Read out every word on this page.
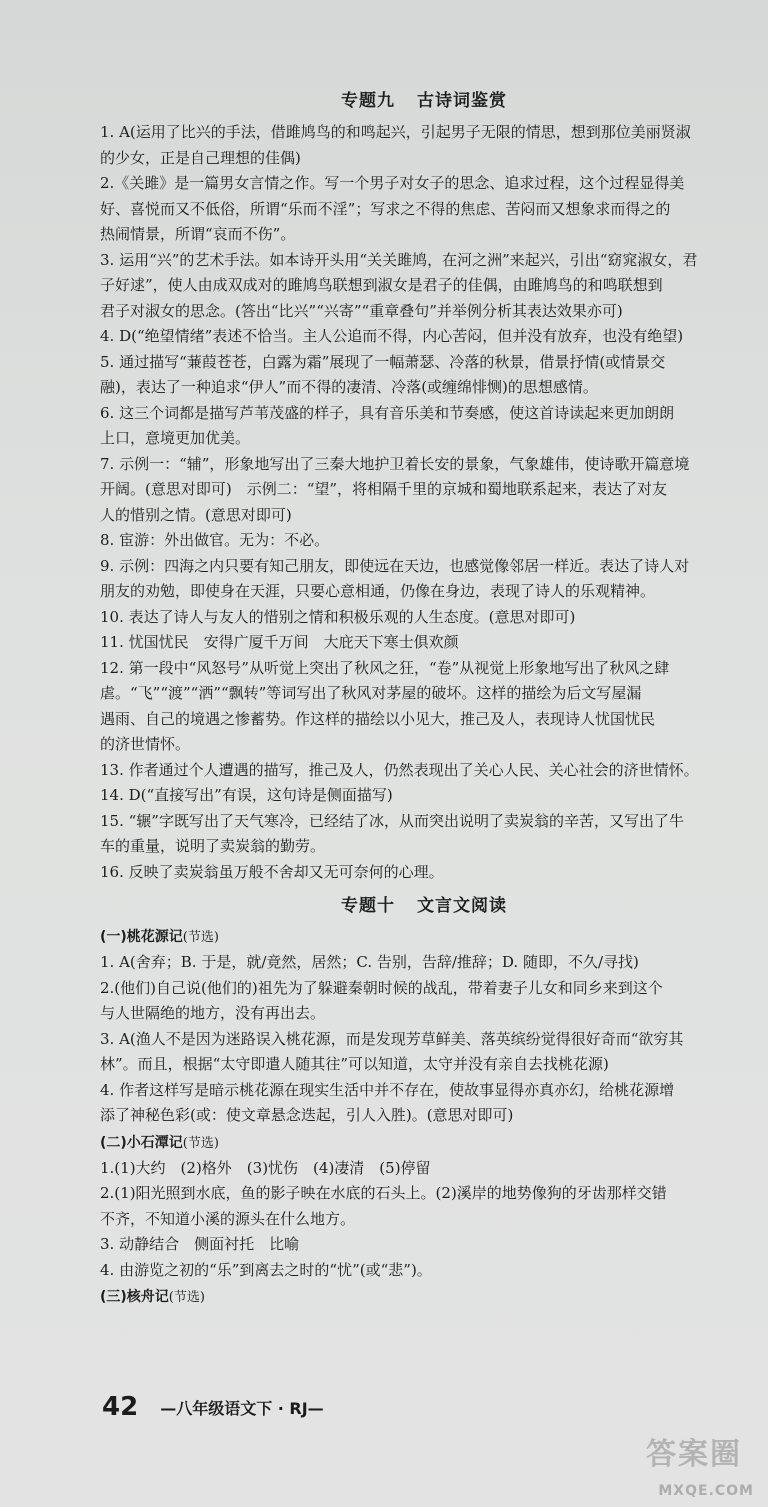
专题九 古诗词鉴赏

1. A(运用了比兴的手法，借雎鸠鸟的和鸣起兴，引起男子无限的情思，想到那位美丽贤淑

的少女，正是自己理想的佳偶)

2.《关雎》是一篇男女言情之作。写一个男子对女子的思念、追求过程，这个过程显得美

好、喜悦而又不低俗，所谓“乐而不淫”；写求之不得的焦虑、苦闷而又想象求而得之的

热闹情景，所谓“哀而不伤”。

3. 运用“兴”的艺术手法。如本诗开头用“关关雎鸠，在河之洲”来起兴，引出“窈窕淑女，君

子好逑”，使人由成双成对的雎鸠鸟联想到淑女是君子的佳偶，由雎鸠鸟的和鸣联想到

君子对淑女的思念。(答出“比兴”“兴寄”“重章叠句”并举例分析其表达效果亦可)

4. D(“绝望情绪”表述不恰当。主人公追而不得，内心苦闷，但并没有放弃，也没有绝望)

5. 通过描写“蒹葭苍苍，白露为霜”展现了一幅萧瑟、冷落的秋景，借景抒情(或情景交

融)，表达了一种追求“伊人”而不得的凄清、冷落(或缠绵悱恻)的思想感情。

6. 这三个词都是描写芦苇茂盛的样子，具有音乐美和节奏感，使这首诗读起来更加朗朗

上口，意境更加优美。

7. 示例一：“辅”，形象地写出了三秦大地护卫着长安的景象，气象雄伟，使诗歌开篇意境

开阔。(意思对即可)　示例二：“望”，将相隔千里的京城和蜀地联系起来，表达了对友

人的惜别之情。(意思对即可)

8. 宦游：外出做官。无为：不必。

9. 示例：四海之内只要有知己朋友，即使远在天边，也感觉像邻居一样近。表达了诗人对

朋友的劝勉，即使身在天涯，只要心意相通，仍像在身边，表现了诗人的乐观精神。

10. 表达了诗人与友人的惜别之情和积极乐观的人生态度。(意思对即可)

11. 忧国忧民　安得广厦千万间　大庇天下寒士俱欢颜

12. 第一段中“风怒号”从听觉上突出了秋风之狂，“卷”从视觉上形象地写出了秋风之肆

虐。“飞”“渡”“洒”“飘转”等词写出了秋风对茅屋的破坏。这样的描绘为后文写屋漏

遇雨、自己的境遇之惨蓄势。作这样的描绘以小见大，推己及人，表现诗人忧国忧民

的济世情怀。

13. 作者通过个人遭遇的描写，推己及人，仍然表现出了关心人民、关心社会的济世情怀。

14. D(“直接写出”有误，这句诗是侧面描写)

15. “辗”字既写出了天气寒冷，已经结了冰，从而突出说明了卖炭翁的辛苦，又写出了牛

车的重量，说明了卖炭翁的勤劳。

16. 反映了卖炭翁虽万般不舍却又无可奈何的心理。

专题十 文言文阅读
(一)桃花源记(节选)

1. A(舍弃；B. 于是，就/竟然，居然；C. 告别，告辞/推辞；D. 随即，不久/寻找)

2.(他们)自己说(他们的)祖先为了躲避秦朝时候的战乱，带着妻子儿女和同乡来到这个

与人世隔绝的地方，没有再出去。

3. A(渔人不是因为迷路误入桃花源，而是发现芳草鲜美、落英缤纷觉得很好奇而“欲穷其

林”。而且，根据“太守即遣人随其往”可以知道，太守并没有亲自去找桃花源)

4. 作者这样写是暗示桃花源在现实生活中并不存在，使故事显得亦真亦幻，给桃花源增

添了神秘色彩(或：使文章悬念迭起，引人入胜)。(意思对即可)

(二)小石潭记(节选)

1.(1)大约　(2)格外　(3)忧伤　(4)凄清　(5)停留

2.(1)阳光照到水底，鱼的影子映在水底的石头上。(2)溪岸的地势像狗的牙齿那样交错

不齐，不知道小溪的源头在什么地方。

3. 动静结合　侧面衬托　比喻

4. 由游览之初的“乐”到离去之时的“忧”(或“悲”)。

(三)核舟记(节选)
42 —八年级语文下 · RJ—
答案圈
MXQE.COM
